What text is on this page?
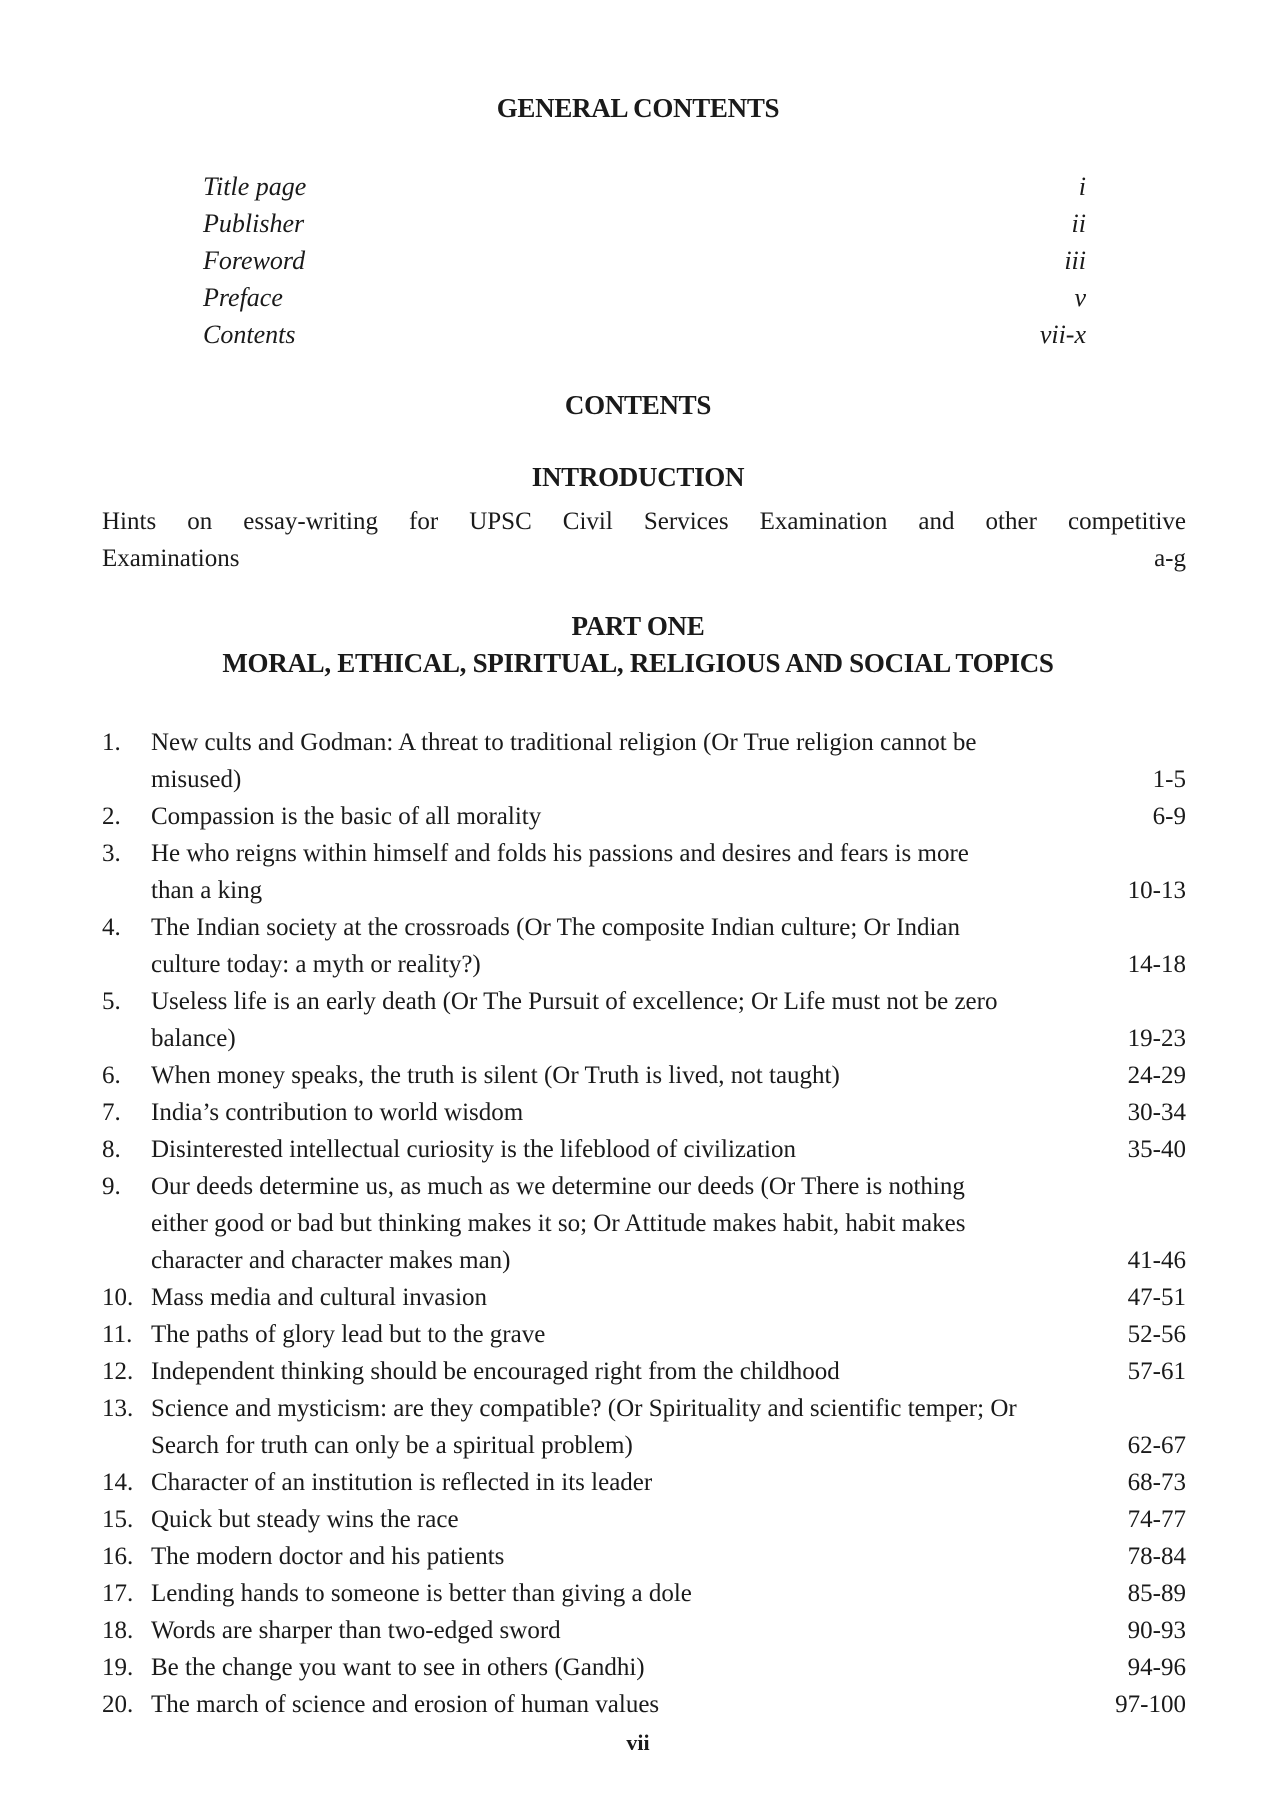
GENERAL CONTENTS
Title page	i
Publisher	ii
Foreword	iii
Preface	v
Contents	vii-x
CONTENTS
INTRODUCTION
Hints on essay-writing for UPSC Civil Services Examination and other competitive
Examinations	a-g
PART ONE
MORAL, ETHICAL, SPIRITUAL, RELIGIOUS AND SOCIAL TOPICS
1.	New cults and Godman: A threat to traditional religion (Or True religion cannot be
misused)	1-5
2.	Compassion is the basic of all morality	6-9
3.	He who reigns within himself and folds his passions and desires and fears is more
than a king	10-13
4.	The Indian society at the crossroads (Or The composite Indian culture; Or Indian
culture today: a myth or reality?)	14-18
5.	Useless life is an early death (Or The Pursuit of excellence; Or Life must not be zero
balance)	19-23
6.	When money speaks, the truth is silent (Or Truth is lived, not taught)	24-29
7.	India’s contribution to world wisdom	30-34
8.	Disinterested intellectual curiosity is the lifeblood of civilization	35-40
9.	Our deeds determine us, as much as we determine our deeds (Or There is nothing
either good or bad but thinking makes it so; Or Attitude makes habit, habit makes
character and character makes man)	41-46
10. Mass media and cultural invasion	47-51
11. The paths of glory lead but to the grave	52-56
12. Independent thinking should be encouraged right from the childhood	57-61
13. Science and mysticism: are they compatible? (Or Spirituality and scientific temper; Or
Search for truth can only be a spiritual problem)	62-67
14. Character of an institution is reflected in its leader	68-73
15. Quick but steady wins the race	74-77
16. The modern doctor and his patients	78-84
17. Lending hands to someone is better than giving a dole	85-89
18. Words are sharper than two-edged sword	90-93
19. Be the change you want to see in others (Gandhi)	94-96
20. The march of science and erosion of human values	97-100
vii
